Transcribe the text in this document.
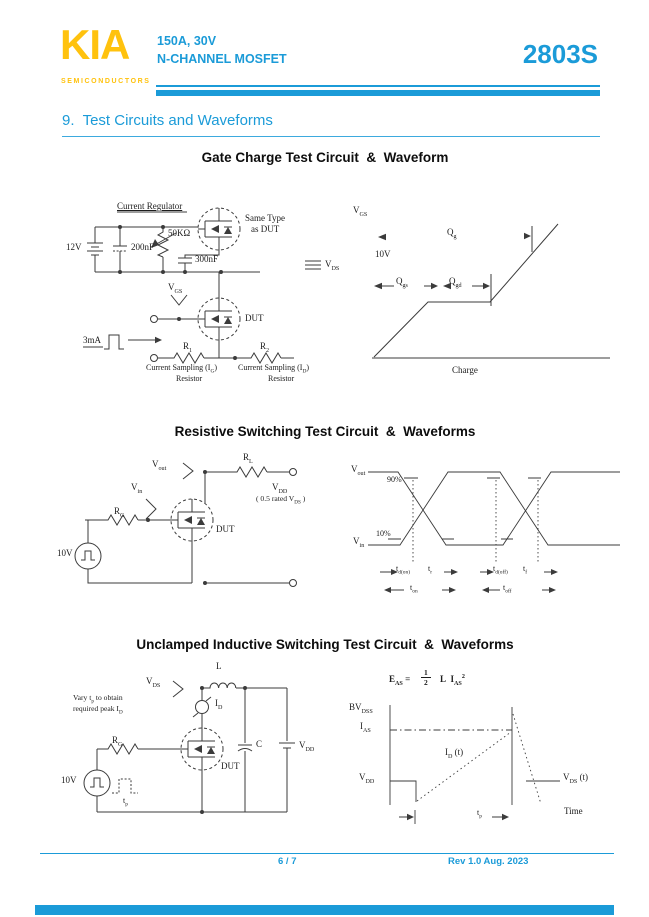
KIA
SEMICONDUCTORS
150A, 30V
N-CHANNEL MOSFET	2803S
9.  Test Circuits and Waveforms
Gate Charge Test Circuit  &  Waveform
Current Regulator
12V	200nF
50KΩ
300nF
Same Type
as DUT
$V_{DS}$
$V_{GS}$
DUT
3mA
$R_1$	$R_2$
Current Sampling $(I_G)$
Resistor
Current Sampling $(I_D)$
Resistor
$V_{GS}$
10V
$Q_g$
$Q_{gs}$	$Q_{gd}$
Charge
Resistive Switching Test Circuit  &  Waveforms
$V_{out}$
$R_L$
$V_{DD}$
( 0.5 rated $V_{DS}$ )
$V_{in}$
$R_G$
DUT
10V
$V_{out}$
90%
$V_{in}$
10%
$t_{d(on)}$ $t_r$
$t_{on}$
$t_{d(off)}$ $t_f$
$t_{off}$
Unclamped Inductive Switching Test Circuit  &  Waveforms
L
$V_{DS}$
Vary $t_p$ to obtain
required peak $I_D$
$I_D$
DUT
$R_G$
10V
$t_p$
C	$V_{DD}$
$E_{AS} = \frac{1}{2}$ L  $I_{AS}^2$
$BV_{DSS}$
$I_{AS}$
$I_D$ (t)
$V_{DD}$	$V_{DS}$ (t)
Time
$t_p$
6 / 7	Rev 1.0 Aug. 2023
